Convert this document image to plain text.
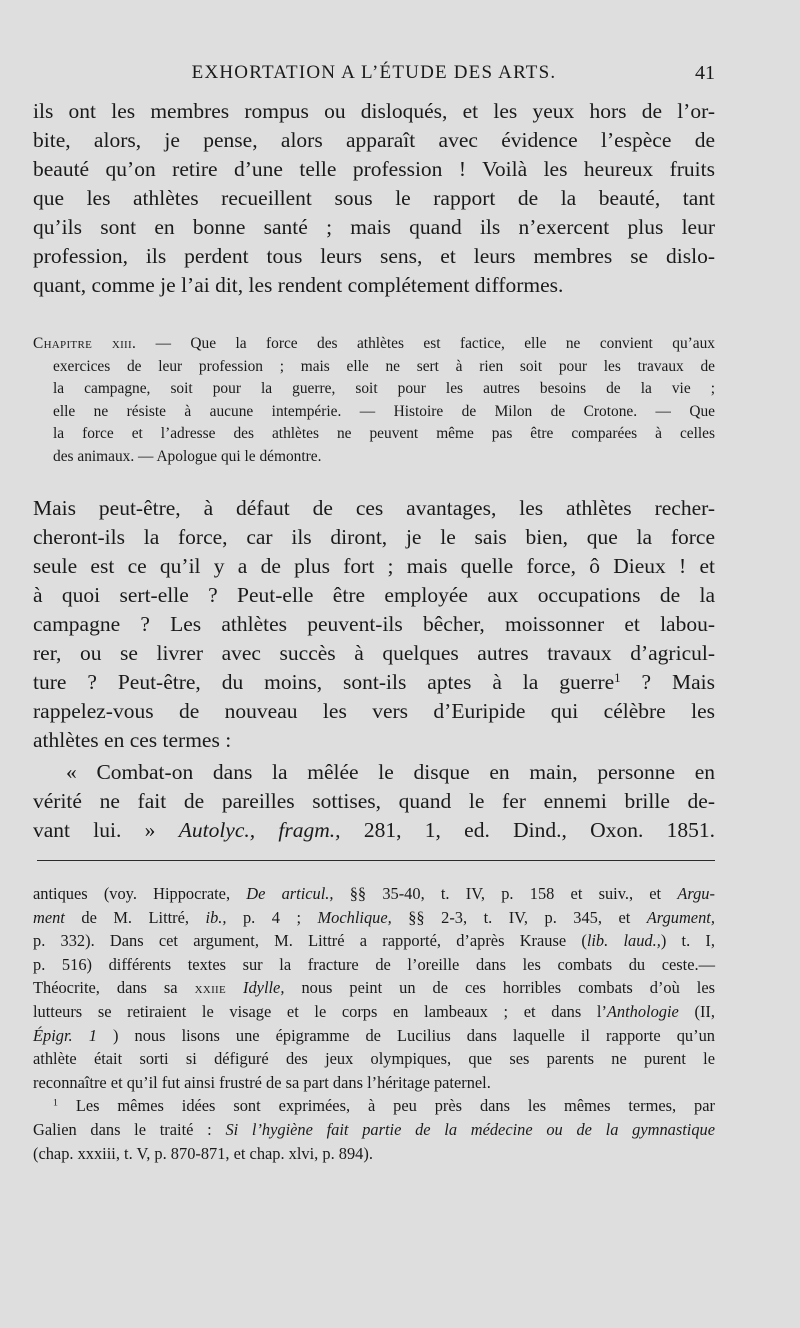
EXHORTATION A L’ÉTUDE DES ARTS.	41
ils ont les membres rompus ou disloqués, et les yeux hors de l’or-
bite, alors, je pense, alors apparaît avec évidence l’espèce de
beauté qu’on retire d’une telle profession ! Voilà les heureux fruits
que les athlètes recueillent sous le rapport de la beauté, tant
qu’ils sont en bonne santé ; mais quand ils n’exercent plus leur
profession, ils perdent tous leurs sens, et leurs membres se dislo-
quant, comme je l’ai dit, les rendent complétement difformes.
Chapitre xiii. — Que la force des athlètes est factice, elle ne convient qu’aux
exercices de leur profession ; mais elle ne sert à rien soit pour les travaux de
la campagne, soit pour la guerre, soit pour les autres besoins de la vie ;
elle ne résiste à aucune intempérie. — Histoire de Milon de Crotone. — Que
la force et l’adresse des athlètes ne peuvent même pas être comparées à celles
des animaux. — Apologue qui le démontre.
Mais peut-être, à défaut de ces avantages, les athlètes recher-
cheront-ils la force, car ils diront, je le sais bien, que la force
seule est ce qu’il y a de plus fort ; mais quelle force, ô Dieux ! et
à quoi sert-elle ? Peut-elle être employée aux occupations de la
campagne ? Les athlètes peuvent-ils bêcher, moissonner et labou-
rer, ou se livrer avec succès à quelques autres travaux d’agricul-
ture ? Peut-être, du moins, sont-ils aptes à la guerre$^1$ ? Mais
rappelez-vous de nouveau les vers d’Euripide qui célèbre les
athlètes en ces termes :
« Combat-on dans la mêlée le disque en main, personne en
vérité ne fait de pareilles sottises, quand le fer ennemi brille de-
vant lui. » Autolyc., fragm., 281, 1, ed. Dind., Oxon. 1851.
antiques (voy. Hippocrate, De articul., §§ 35-40, t. IV, p. 158 et suiv., et Argu-
ment de M. Littré, ib., p. 4 ; Mochlique, §§ 2-3, t. IV, p. 345, et Argument,
p. 332). Dans cet argument, M. Littré a rapporté, d’après Krause (lib. laud.,) t. I,
p. 516) différents textes sur la fracture de l’oreille dans les combats du ceste.—
Théocrite, dans sa xxiie Idylle, nous peint un de ces horribles combats d’où les
lutteurs se retiraient le visage et le corps en lambeaux ; et dans l’Anthologie (II,
Épigr. 1 ) nous lisons une épigramme de Lucilius dans laquelle il rapporte qu’un
athlète était sorti si défiguré des jeux olympiques, que ses parents ne purent le
reconnaître et qu’il fut ainsi frustré de sa part dans l’héritage paternel.
$^1$ Les mêmes idées sont exprimées, à peu près dans les mêmes termes, par
Galien dans le traité : Si l’hygiène fait partie de la médecine ou de la gymnastique
(chap. xxxiii, t. V, p. 870-871, et chap. xlvi, p. 894).
